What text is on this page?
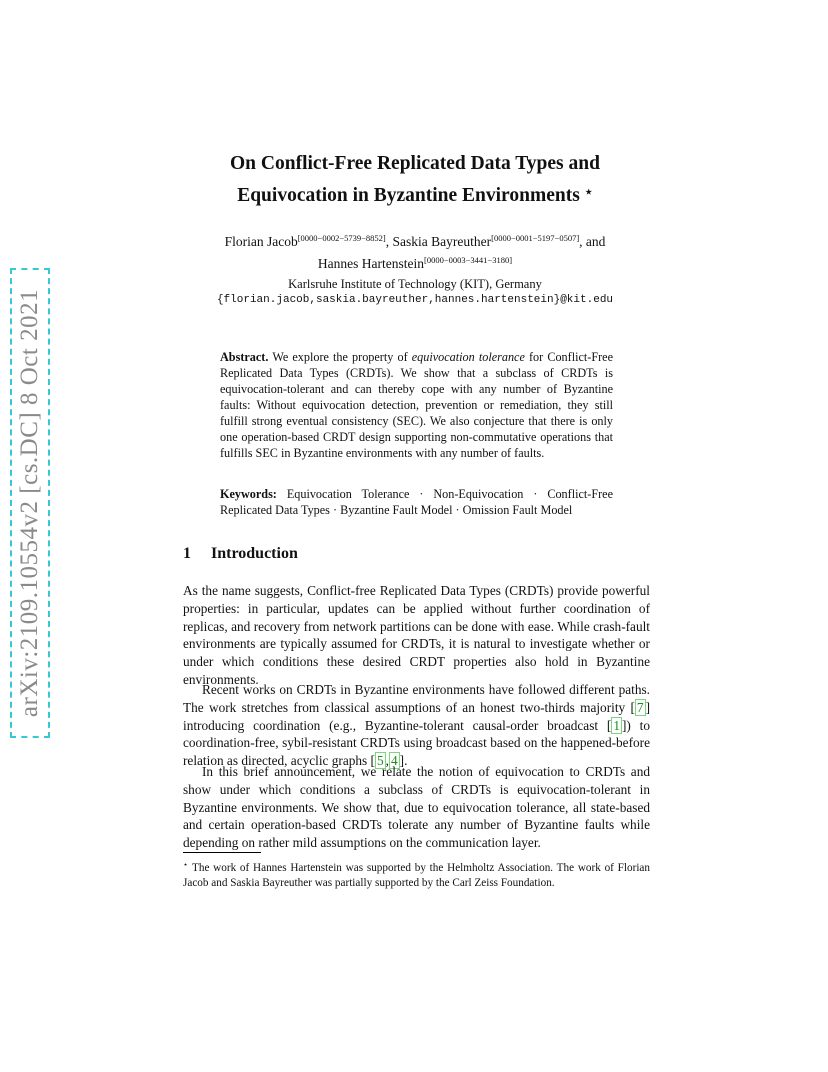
arXiv:2109.10554v2 [cs.DC] 8 Oct 2021
On Conflict-Free Replicated Data Types and
Equivocation in Byzantine Environments ⋆
Florian Jacob[0000−0002−5739−8852], Saskia Bayreuther[0000−0001−5197−0507], and
Hannes Hartenstein[0000−0003−3441−3180]
Karlsruhe Institute of Technology (KIT), Germany
{florian.jacob,saskia.bayreuther,hannes.hartenstein}@kit.edu
Abstract. We explore the property of equivocation tolerance for Conflict-Free Replicated Data Types (CRDTs). We show that a subclass of CRDTs is equivocation-tolerant and can thereby cope with any number of Byzantine faults: Without equivocation detection, prevention or remediation, they still fulfill strong eventual consistency (SEC). We also conjecture that there is only one operation-based CRDT design supporting non-commutative operations that fulfills SEC in Byzantine environments with any number of faults.
Keywords: Equivocation Tolerance · Non-Equivocation · Conflict-Free Replicated Data Types · Byzantine Fault Model · Omission Fault Model
1 Introduction
As the name suggests, Conflict-free Replicated Data Types (CRDTs) provide powerful properties: in particular, updates can be applied without further coordination of replicas, and recovery from network partitions can be done with ease. While crash-fault environments are typically assumed for CRDTs, it is natural to investigate whether or under which conditions these desired CRDT properties also hold in Byzantine environments.
Recent works on CRDTs in Byzantine environments have followed different paths. The work stretches from classical assumptions of an honest two-thirds majority [ 7 ] introducing coordination (e.g., Byzantine-tolerant causal-order broadcast [ 1 ]) to coordination-free, sybil-resistant CRDTs using broadcast based on the happened-before relation as directed, acyclic graphs [ 5 , 4 ].
In this brief announcement, we relate the notion of equivocation to CRDTs and show under which conditions a subclass of CRDTs is equivocation-tolerant in Byzantine environments. We show that, due to equivocation tolerance, all state-based and certain operation-based CRDTs tolerate any number of Byzantine faults while depending on rather mild assumptions on the communication layer.
⋆ The work of Hannes Hartenstein was supported by the Helmholtz Association. The work of Florian Jacob and Saskia Bayreuther was partially supported by the Carl Zeiss Foundation.
